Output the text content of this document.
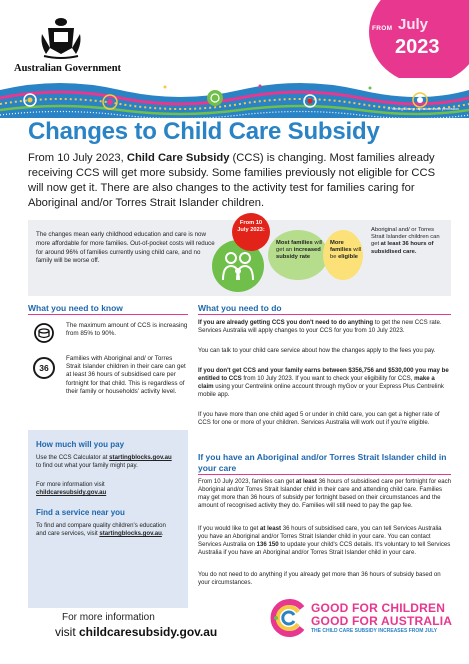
Australian Government
FROM July
2023
© Yarning Strong, reproduced with permission
Changes to Child Care Subsidy
From 10 July 2023, Child Care Subsidy (CCS) is changing. Most families already receiving CCS will get more subsidy. Some families previously not eligible for CCS will now get it. There are also changes to the activity test for families caring for Aboriginal and/or Torres Strait Islander children.
The changes mean early childhood education and care is now more affordable for more families. Out-of-pocket costs will reduce for around 96% of families currently using child care, and no family will be worse off.
From 10 July 2023:
Most families will get an increased subsidy rate
More families will be eligible
Aboriginal and/ or Torres Strait Islander children can get at least 36 hours of subsidised care.
What you need to know
The maximum amount of CCS is increasing from 85% to 90%.
36
Families with Aboriginal and/ or Torres Strait Islander children in their care can get at least 36 hours of subsidised care per fortnight for that child. This is regardless of their family or households' activity level.
How much will you pay
Use the CCS Calculator at startingblocks.gov.au to find out what your family might pay.
For more information visit
childcaresubsidy.gov.au
Find a service near you
To find and compare quality children's education and care services, visit startingblocks.gov.au.
What you need to do
If you are already getting CCS you don't need to do anything to get the new CCS rate. Services Australia will apply changes to your CCS for you from 10 July 2023.
You can talk to your child care service about how the changes apply to the fees you pay.
If you don't get CCS and your family earns between $356,756 and $530,000 you may be entitled to CCS from 10 July 2023. If you want to check your eligibility for CCS, make a claim using your Centrelink online account through myGov or your Express Plus Centrelink mobile app.
If you have more than one child aged 5 or under in child care, you can get a higher rate of CCS for one or more of your children. Services Australia will work out if you're eligible.
If you have an Aboriginal and/or Torres Strait Islander child in your care
From 10 July 2023, families can get at least 36 hours of subsidised care per fortnight for each Aboriginal and/or Torres Strait Islander child in their care and attending child care. Families may get more than 36 hours of subsidy per fortnight based on their circumstances and the amount of recognised activity they do. Families will still need to pay the gap fee.
If you would like to get at least 36 hours of subsidised care, you can tell Services Australia you have an Aboriginal and/or Torres Strait Islander child in your care. You can contact Services Australia on 136 150 to update your child's CCS details. It's voluntary to tell Services Australia if you have an Aboriginal and/or Torres Strait Islander child in your care.
You do not need to do anything if you already get more than 36 hours of subsidy based on your circumstances.
For more information
visit childcaresubsidy.gov.au
GOOD FOR CHILDREN
GOOD FOR AUSTRALIA
THE CHILD CARE SUBSIDY INCREASES FROM JULY
